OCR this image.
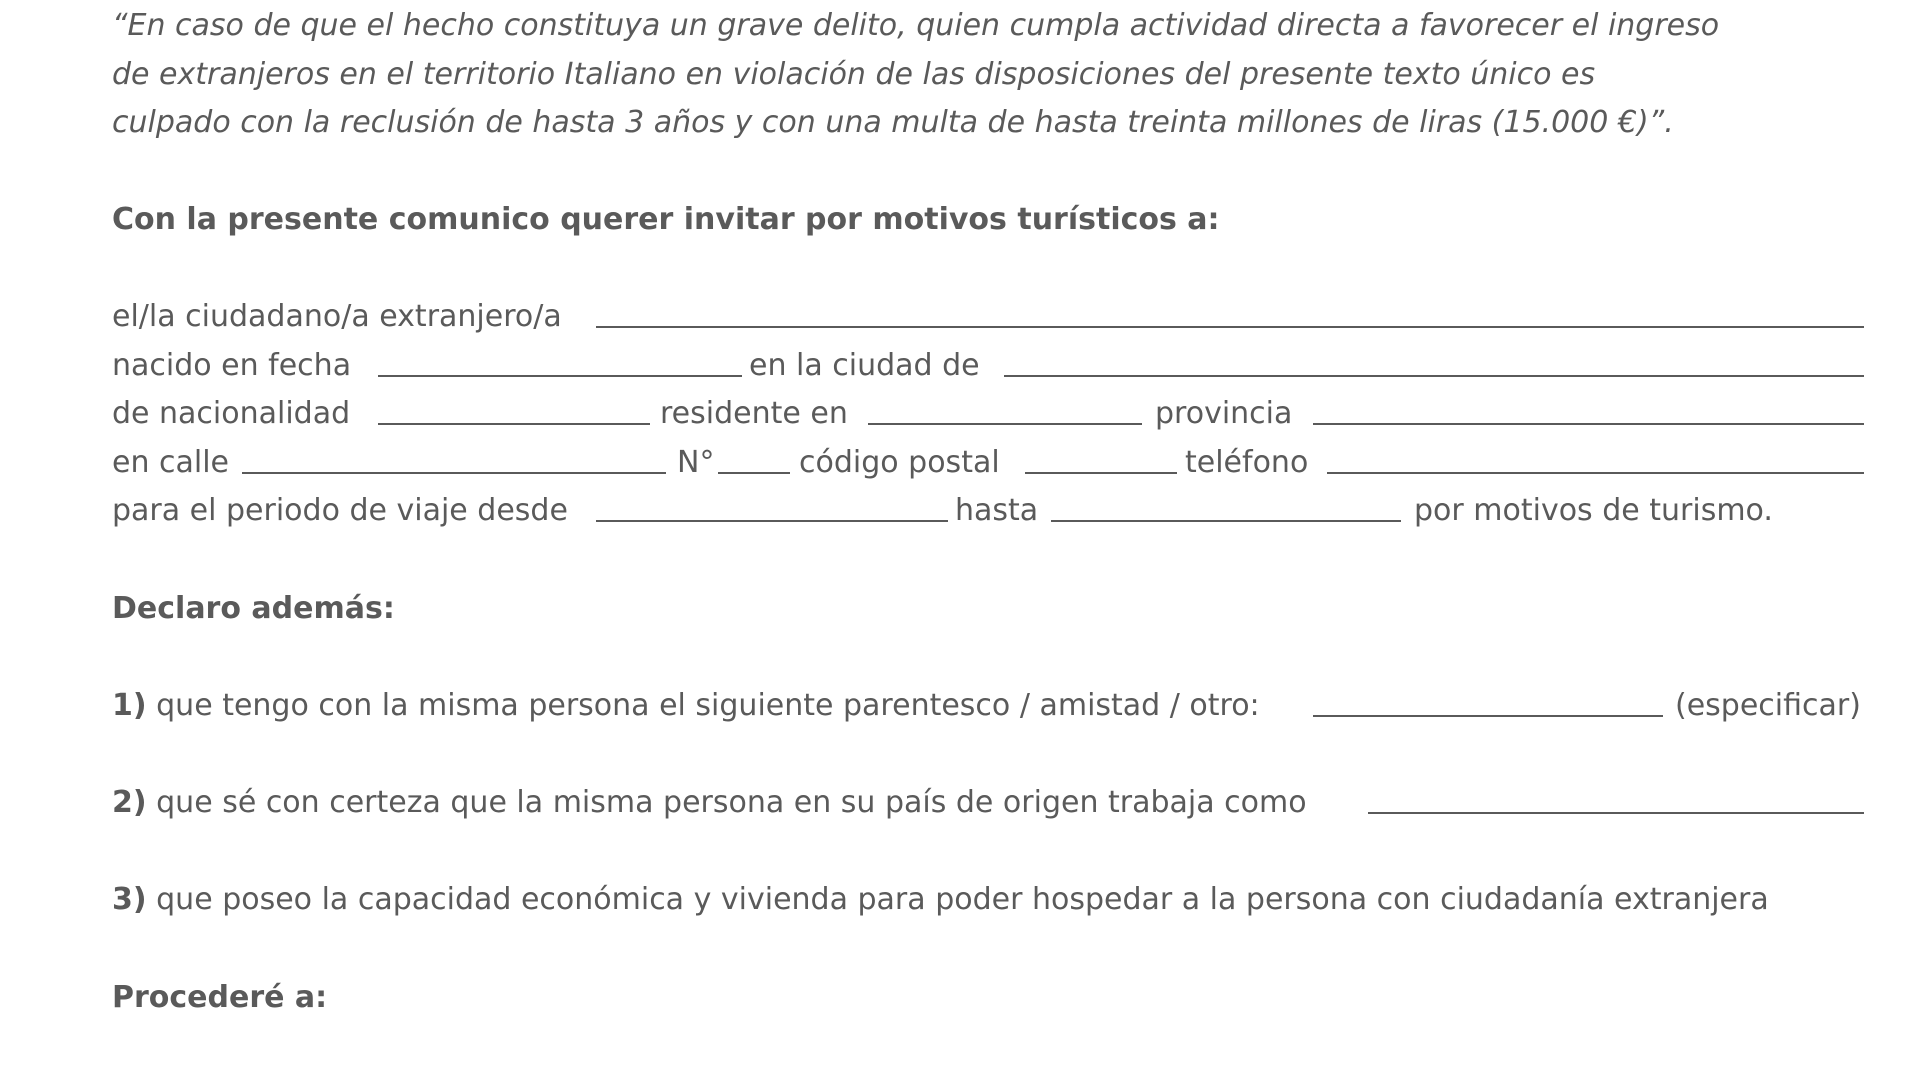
“En caso de que el hecho constituya un grave delito, quien cumpla actividad directa a favorecer el ingreso
de extranjeros en el territorio Italiano en violación de las disposiciones del presente texto único es
culpado con la reclusión de hasta 3 años y con una multa de hasta treinta millones de liras (15.000 €)”.
Con la presente comunico querer invitar por motivos turísticos a:
el/la ciudadano/a extranjero/a
nacido en fecha	en la ciudad de
de nacionalidad	residente en	provincia
en calle	N°	código postal	teléfono
para el periodo de viaje desde	hasta	por motivos de turismo.
Declaro además:
1) que tengo con la misma persona el siguiente parentesco / amistad / otro:	(especificar)
2) que sé con certeza que la misma persona en su país de origen trabaja como
3) que poseo la capacidad económica y vivienda para poder hospedar a la persona con ciudadanía extranjera
Procederé a:
